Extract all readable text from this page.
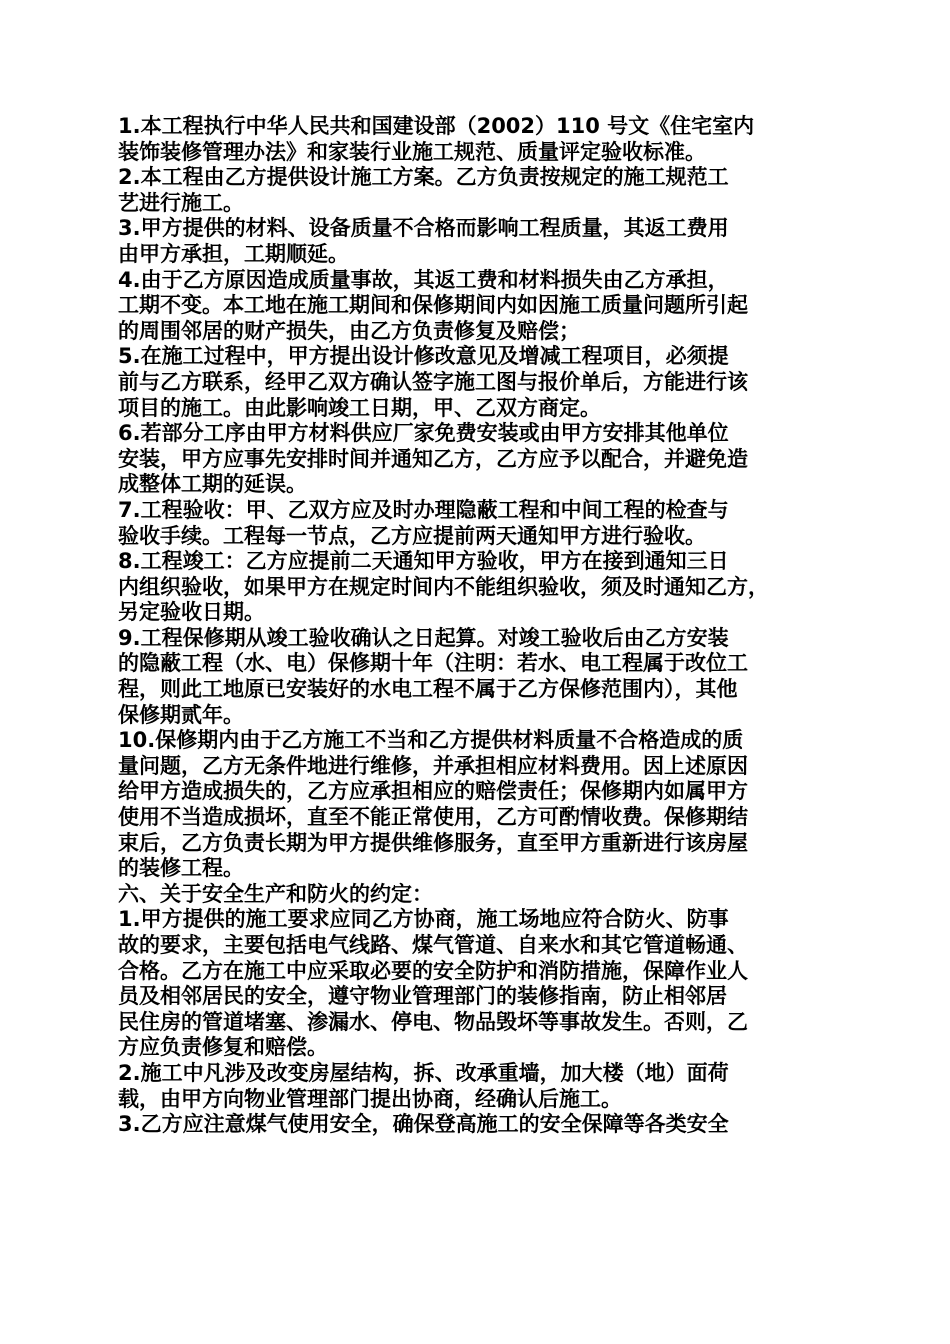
1.本工程执行中华人民共和国建设部（2002）110 号文《住宅室内
装饰装修管理办法》和家装行业施工规范、质量评定验收标准。
2.本工程由乙方提供设计施工方案。乙方负责按规定的施工规范工
艺进行施工。
3.甲方提供的材料、设备质量不合格而影响工程质量，其返工费用
由甲方承担，工期顺延。
4.由于乙方原因造成质量事故，其返工费和材料损失由乙方承担，
工期不变。本工地在施工期间和保修期间内如因施工质量问题所引起
的周围邻居的财产损失，由乙方负责修复及赔偿；
5.在施工过程中，甲方提出设计修改意见及增减工程项目，必须提
前与乙方联系，经甲乙双方确认签字施工图与报价单后，方能进行该
项目的施工。由此影响竣工日期，甲、乙双方商定。
6.若部分工序由甲方材料供应厂家免费安装或由甲方安排其他单位
安装，甲方应事先安排时间并通知乙方，乙方应予以配合，并避免造
成整体工期的延误。
7.工程验收：甲、乙双方应及时办理隐蔽工程和中间工程的检查与
验收手续。工程每一节点，乙方应提前两天通知甲方进行验收。
8.工程竣工：乙方应提前二天通知甲方验收，甲方在接到通知三日
内组织验收，如果甲方在规定时间内不能组织验收，须及时通知乙方，
另定验收日期。
9.工程保修期从竣工验收确认之日起算。对竣工验收后由乙方安装
的隐蔽工程（水、电）保修期十年（注明：若水、电工程属于改位工
程，则此工地原已安装好的水电工程不属于乙方保修范围内），其他
保修期贰年。
10.保修期内由于乙方施工不当和乙方提供材料质量不合格造成的质
量问题，乙方无条件地进行维修，并承担相应材料费用。因上述原因
给甲方造成损失的，乙方应承担相应的赔偿责任；保修期内如属甲方
使用不当造成损坏，直至不能正常使用，乙方可酌情收费。保修期结
束后，乙方负责长期为甲方提供维修服务，直至甲方重新进行该房屋
的装修工程。
六、关于安全生产和防火的约定：
1.甲方提供的施工要求应同乙方协商，施工场地应符合防火、防事
故的要求，主要包括电气线路、煤气管道、自来水和其它管道畅通、
合格。乙方在施工中应采取必要的安全防护和消防措施，保障作业人
员及相邻居民的安全，遵守物业管理部门的装修指南，防止相邻居
民住房的管道堵塞、渗漏水、停电、物品毁坏等事故发生。否则，乙
方应负责修复和赔偿。
2.施工中凡涉及改变房屋结构，拆、改承重墙，加大楼（地）面荷
载，由甲方向物业管理部门提出协商，经确认后施工。
3.乙方应注意煤气使用安全，确保登高施工的安全保障等各类安全
